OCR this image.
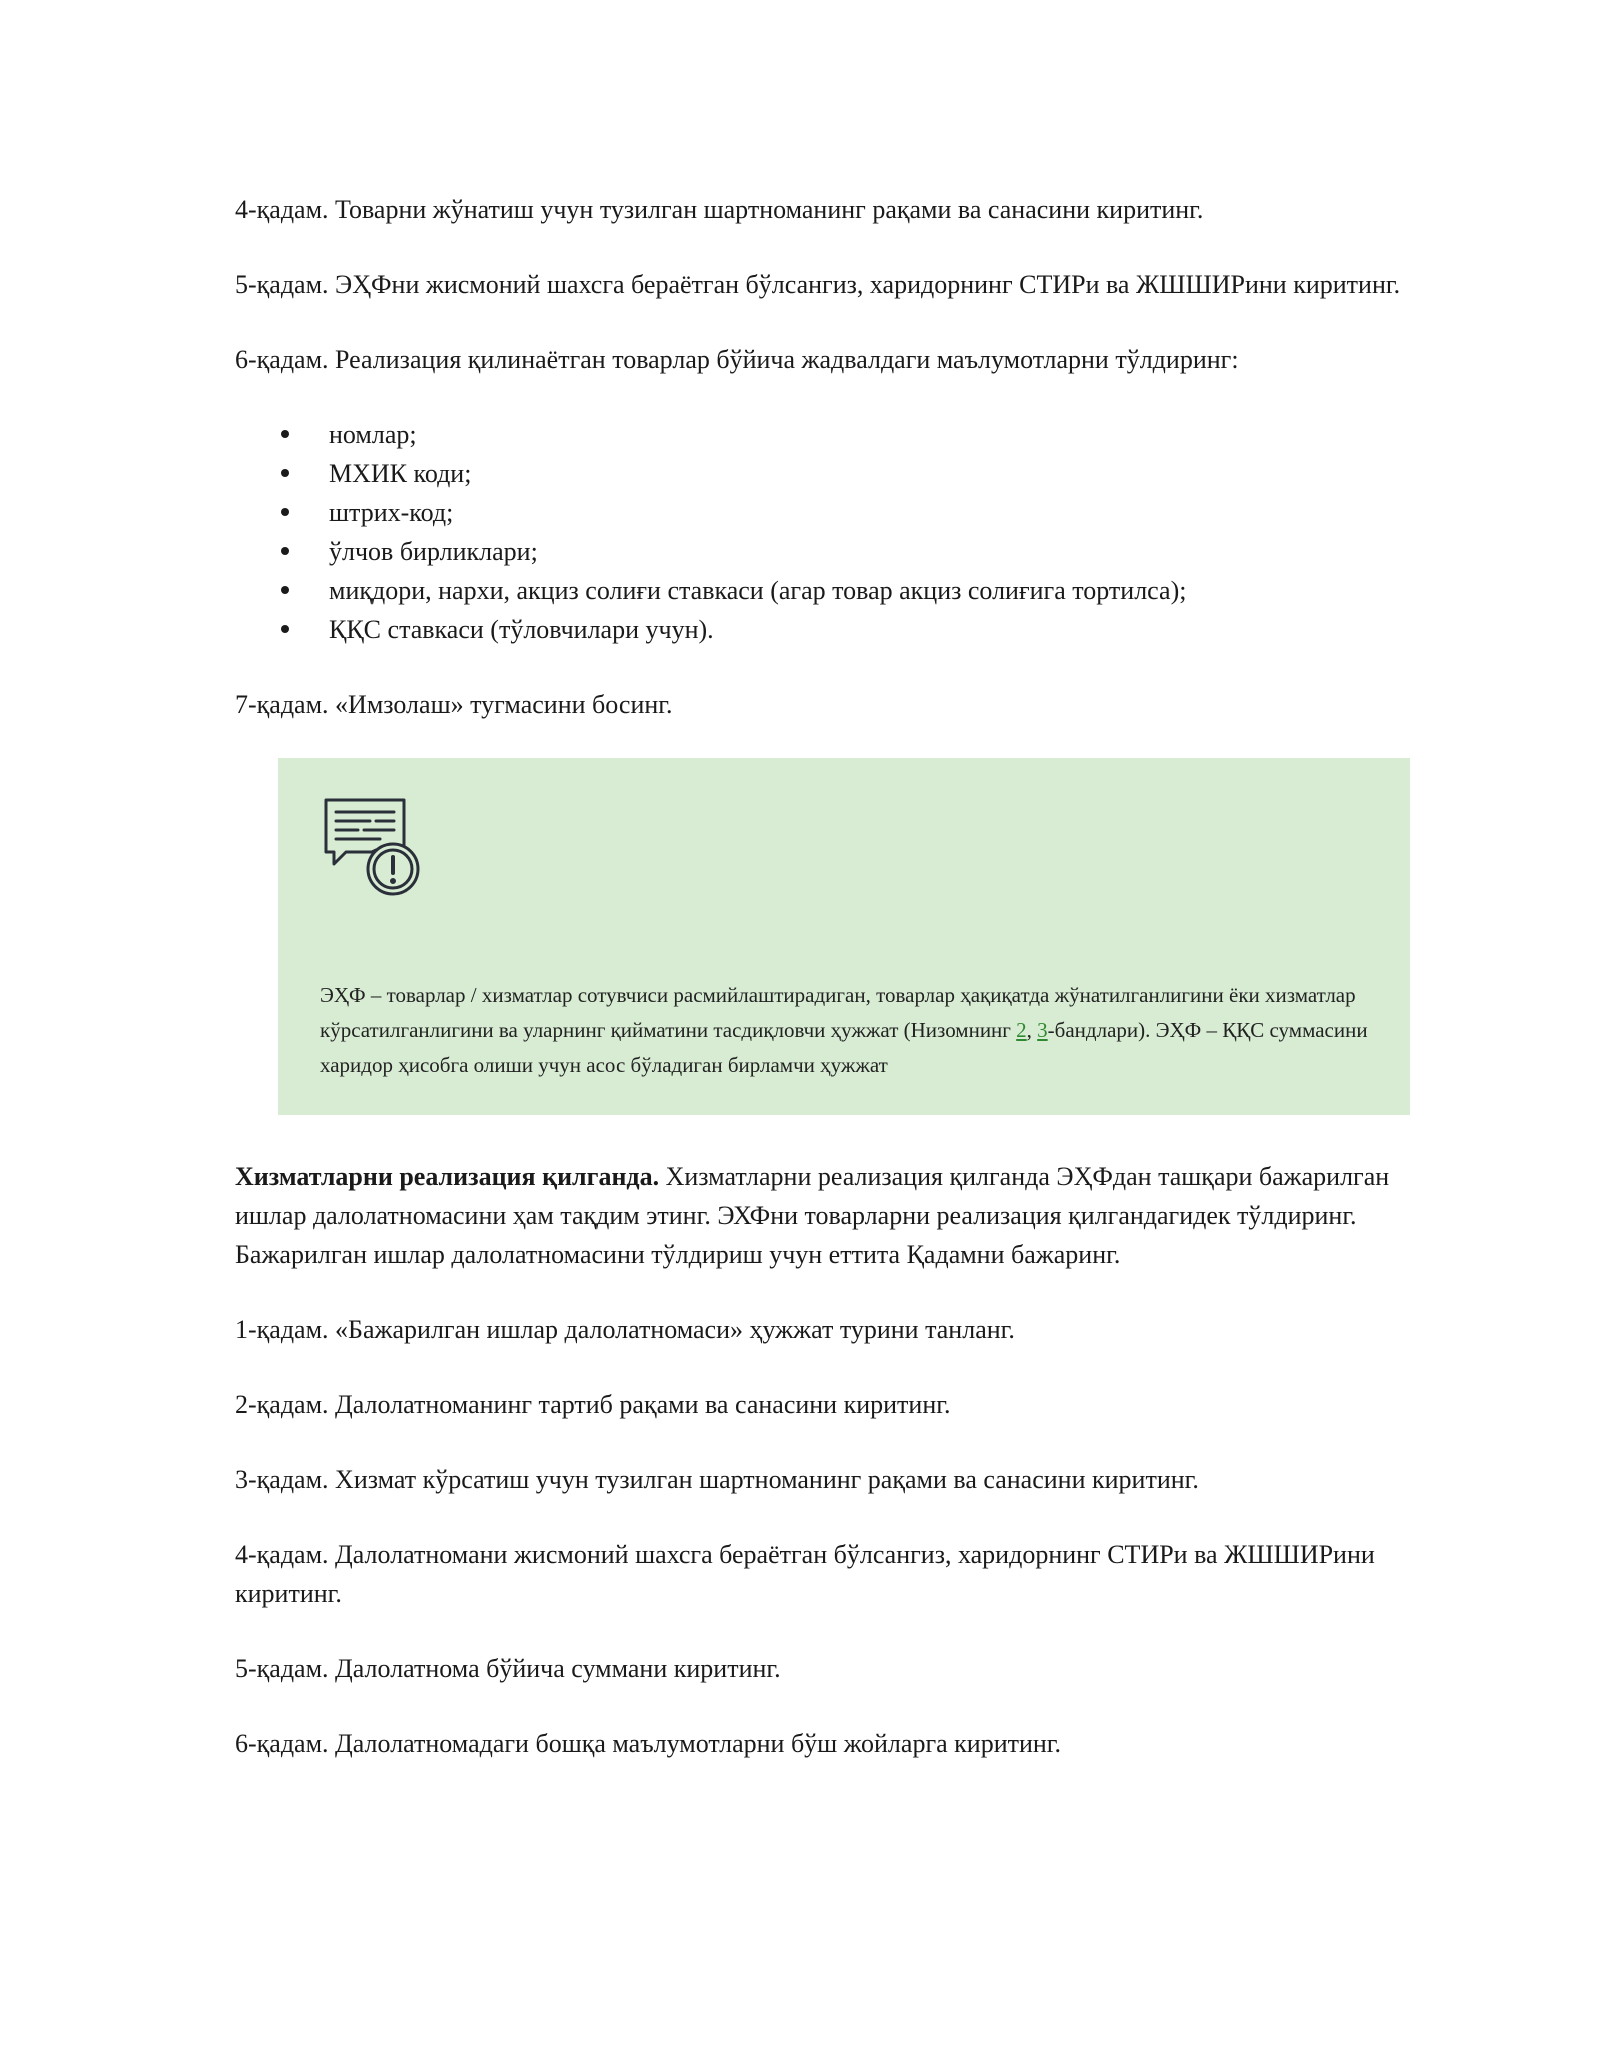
4-қадам. Товарни жўнатиш учун тузилган шартноманинг рақами ва санасини киритинг.

5-қадам. ЭҲФни жисмоний шахсга бераётган бўлсангиз, харидорнинг СТИРи ва ЖШШИРини киритинг.

6-қадам. Реализация қилинаётган товарлар бўйича жадвалдаги маълумотларни тўлдиринг:

номлар;
МХИК коди;
штрих-код;
ўлчов бирликлари;
миқдори, нархи, акциз солиғи ставкаси (агар товар акциз солиғига тортилса);
ҚҚС ставкаси (тўловчилари учун).

7-қадам. «Имзолаш» тугмасини босинг.

ЭҲФ – товарлар / хизматлар сотувчиси расмийлаштирадиган, товарлар ҳақиқатда жўнатилганлигини ёки хизматлар кўрсатилганлигини ва уларнинг қийматини тасдиқловчи ҳужжат (Низомнинг 2, 3-бандлари). ЭҲФ – ҚҚС суммасини харидор ҳисобга олиши учун асос бўладиган бирламчи ҳужжат

Хизматларни реализация қилганда. Хизматларни реализация қилганда ЭҲФдан ташқари бажарилган ишлар далолатномасини ҳам тақдим этинг. ЭХФни товарларни реализация қилгандагидек тўлдиринг. Бажарилган ишлар далолатномасини тўлдириш учун еттита Қадамни бажаринг.

1-қадам. «Бажарилган ишлар далолатномаси» ҳужжат турини танланг.

2-қадам. Далолатноманинг тартиб рақами ва санасини киритинг.

3-қадам. Хизмат кўрсатиш учун тузилган шартноманинг рақами ва санасини киритинг.

4-қадам. Далолатномани жисмоний шахсга бераётган бўлсангиз, харидорнинг СТИРи ва ЖШШИРини киритинг.

5-қадам. Далолатнома бўйича суммани киритинг.

6-қадам. Далолатномадаги бошқа маълумотларни бўш жойларга киритинг.
